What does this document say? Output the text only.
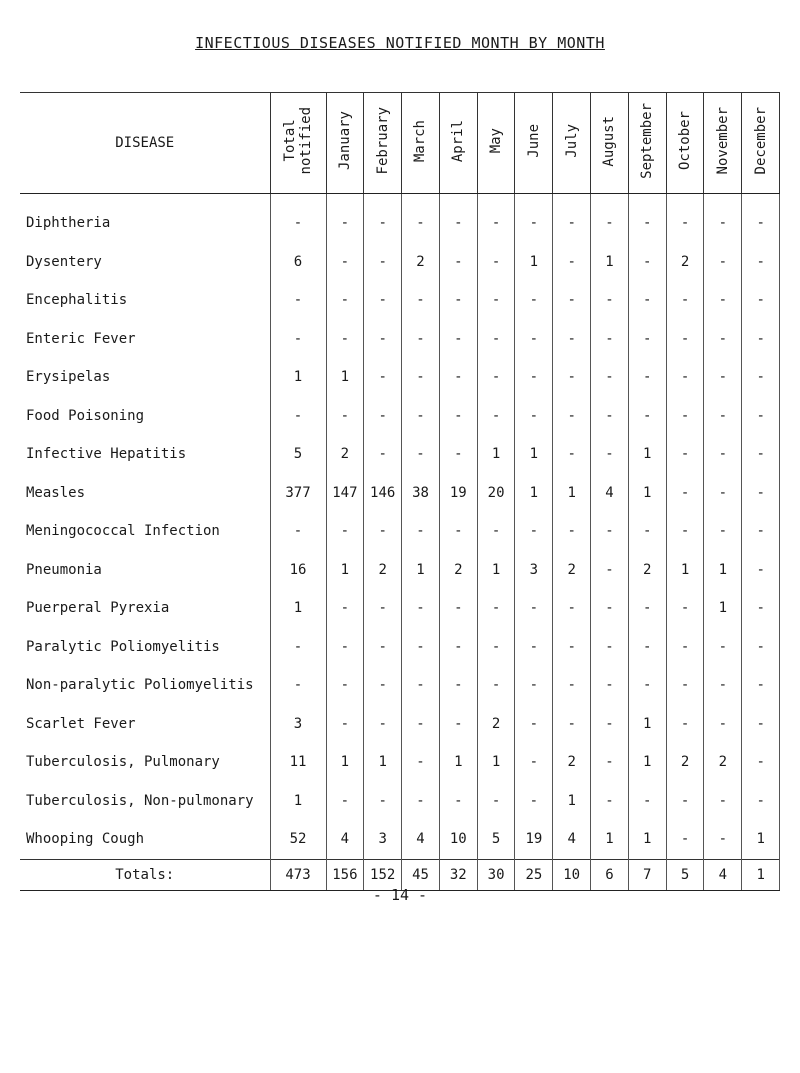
INFECTIOUS DISEASES NOTIFIED MONTH BY MONTH
DISEASE	Total notified	January	February	March	April	May	June	July	August	September	October	November	December
Diphtheria	-	-	-	-	-	-	-	-	-	-	-	-	-
Dysentery	6	-	-	2	-	-	1	-	1	-	2	-	-
Encephalitis	-	-	-	-	-	-	-	-	-	-	-	-	-
Enteric Fever	-	-	-	-	-	-	-	-	-	-	-	-	-
Erysipelas	1	1	-	-	-	-	-	-	-	-	-	-	-
Food Poisoning	-	-	-	-	-	-	-	-	-	-	-	-	-
Infective Hepatitis	5	2	-	-	-	1	1	-	-	1	-	-	-
Measles	377	147	146	38	19	20	1	1	4	1	-	-	-
Meningococcal Infection	-	-	-	-	-	-	-	-	-	-	-	-	-
Pneumonia	16	1	2	1	2	1	3	2	-	2	1	1	-
Puerperal Pyrexia	1	-	-	-	-	-	-	-	-	-	-	1	-
Paralytic Poliomyelitis	-	-	-	-	-	-	-	-	-	-	-	-	-
Non-paralytic Poliomyelitis	-	-	-	-	-	-	-	-	-	-	-	-	-
Scarlet Fever	3	-	-	-	-	2	-	-	-	1	-	-	-
Tuberculosis, Pulmonary	11	1	1	-	1	1	-	2	-	1	2	2	-
Tuberculosis, Non-pulmonary	1	-	-	-	-	-	-	1	-	-	-	-	-
Whooping Cough	52	4	3	4	10	5	19	4	1	1	-	-	1
Totals:	473	156	152	45	32	30	25	10	6	7	5	4	1
- 14 -
